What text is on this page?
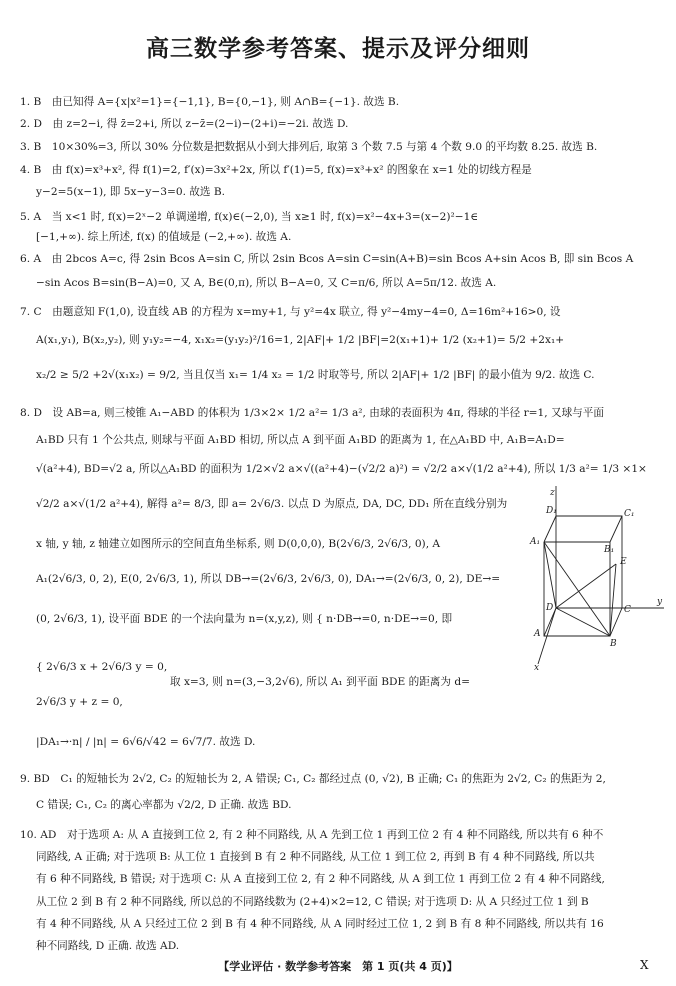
高三数学参考答案、提示及评分细则
1. B　由已知得 A={x|x²=1}={−1,1}, B={0,−1}, 则 A∩B={−1}. 故选 B.
2. D　由 z=2−i, 得 z̄=2+i, 所以 z−z̄=(2−i)−(2+i)=−2i. 故选 D.
3. B　10×30%=3, 所以 30% 分位数是把数据从小到大排列后, 取第 3 个数 7.5 与第 4 个数 9.0 的平均数 8.25. 故选 B.
4. B　由 f(x)=x³+x², 得 f(1)=2, f′(x)=3x²+2x, 所以 f′(1)=5, f(x)=x³+x² 的图象在 x=1 处的切线方程是
y−2=5(x−1), 即 5x−y−3=0. 故选 B.
5. A　当 x<1 时, f(x)=2ˣ−2 单调递增, f(x)∈(−2,0), 当 x≥1 时, f(x)=x²−4x+3=(x−2)²−1∈
[−1,+∞). 综上所述, f(x) 的值域是 (−2,+∞). 故选 A.
6. A　由 2bcos A=c, 得 2sin Bcos A=sin C, 所以 2sin Bcos A=sin C=sin(A+B)=sin Bcos A+sin Acos B, 即 sin Bcos A
−sin Acos B=sin(B−A)=0, 又 A, B∈(0,π), 所以 B−A=0, 又 C=π/6, 所以 A=5π/12. 故选 A.
7. C　由题意知 F(1,0), 设直线 AB 的方程为 x=my+1, 与 y²=4x 联立, 得 y²−4my−4=0, Δ=16m²+16>0, 设
A(x₁,y₁), B(x₂,y₂), 则 y₁y₂=−4, x₁x₂=(y₁y₂)²/16=1, 2|AF|+ 1/2 |BF|=2(x₁+1)+ 1/2 (x₂+1)= 5/2 +2x₁+
x₂/2 ≥ 5/2 +2√(x₁x₂) = 9/2, 当且仅当 x₁= 1/4 x₂ = 1/2 时取等号, 所以 2|AF|+ 1/2 |BF| 的最小值为 9/2. 故选 C.
8. D　设 AB=a, 则三棱锥 A₁−ABD 的体积为 1/3×2× 1/2 a²= 1/3 a², 由球的表面积为 4π, 得球的半径 r=1, 又球与平面
A₁BD 只有 1 个公共点, 则球与平面 A₁BD 相切, 所以点 A 到平面 A₁BD 的距离为 1, 在△A₁BD 中, A₁B=A₁D=
√(a²+4), BD=√2 a, 所以△A₁BD 的面积为 1/2×√2 a×√((a²+4)−(√2/2 a)²) = √2/2 a×√(1/2 a²+4), 所以 1/3 a²= 1/3 ×1×
√2/2 a×√(1/2 a²+4), 解得 a²= 8/3, 即 a= 2√6/3. 以点 D 为原点, DA, DC, DD₁ 所在直线分别为
x 轴, y 轴, z 轴建立如图所示的空间直角坐标系, 则 D(0,0,0), B(2√6/3, 2√6/3, 0), A
A₁(2√6/3, 0, 2), E(0, 2√6/3, 1), 所以 DB→=(2√6/3, 2√6/3, 0), DA₁→=(2√6/3, 0, 2), DE→=
(0, 2√6/3, 1), 设平面 BDE 的一个法向量为 n=(x,y,z), 则 { n·DB→=0, n·DE→=0, 即
{ 2√6/3 x + 2√6/3 y = 0,
取 x=3, 则 n=(3,−3,2√6), 所以 A₁ 到平面 BDE 的距离为 d=
2√6/3 y + z = 0,
|DA₁→·n| / |n| = 6√6/√42 = 6√7/7. 故选 D.
9. BD　C₁ 的短轴长为 2√2, C₂ 的短轴长为 2, A 错误; C₁, C₂ 都经过点 (0, √2), B 正确; C₁ 的焦距为 2√2, C₂ 的焦距为 2,
C 错误; C₁, C₂ 的离心率都为 √2/2, D 正确. 故选 BD.
10. AD　对于选项 A: 从 A 直接到工位 2, 有 2 种不同路线, 从 A 先到工位 1 再到工位 2 有 4 种不同路线, 所以共有 6 种不
同路线, A 正确; 对于选项 B: 从工位 1 直接到 B 有 2 种不同路线, 从工位 1 到工位 2, 再到 B 有 4 种不同路线, 所以共
有 6 种不同路线, B 错误; 对于选项 C: 从 A 直接到工位 2, 有 2 种不同路线, 从 A 到工位 1 再到工位 2 有 4 种不同路线,
从工位 2 到 B 有 2 种不同路线, 所以总的不同路线数为 (2+4)×2=12, C 错误; 对于选项 D: 从 A 只经过工位 1 到 B
有 4 种不同路线, 从 A 只经过工位 2 到 B 有 4 种不同路线, 从 A 同时经过工位 1, 2 到 B 有 8 种不同路线, 所以共有 16
种不同路线, D 正确. 故选 AD.
z
D₁	C₁
A₁
B₁
E
D	C
y
A
B
x
【学业评估 · 数学参考答案　第 1 页(共 4 页)】	X
